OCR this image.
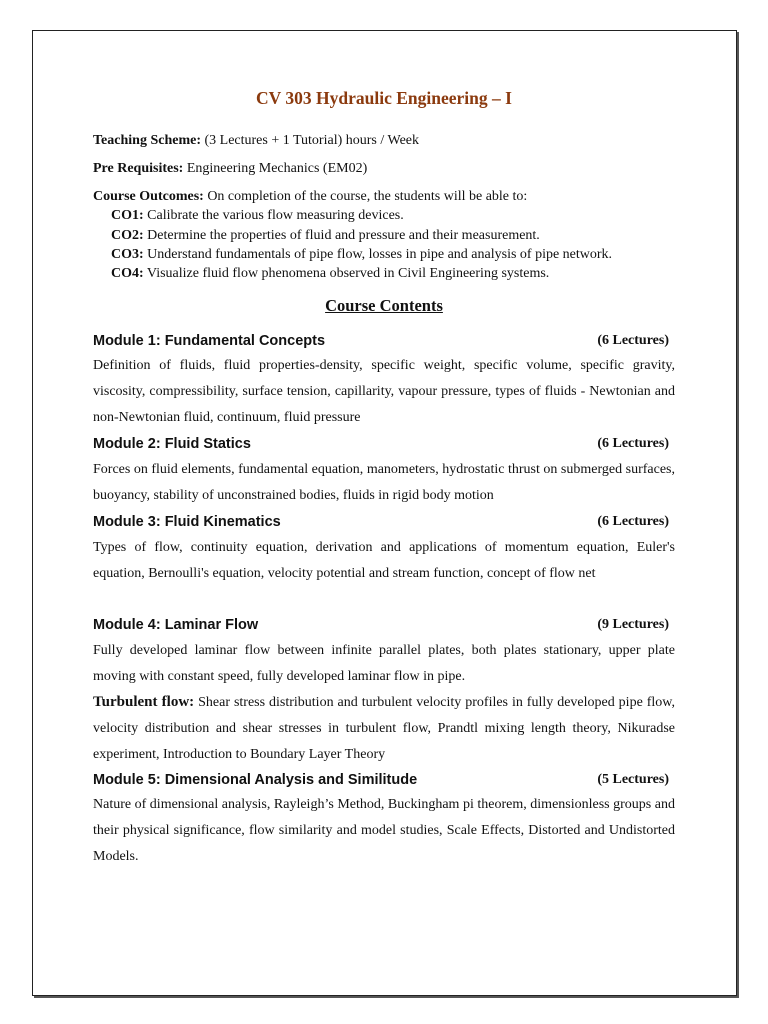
CV 303 Hydraulic Engineering – I
Teaching Scheme: (3 Lectures + 1 Tutorial) hours / Week
Pre Requisites: Engineering Mechanics (EM02)
Course Outcomes: On completion of the course, the students will be able to:
CO1: Calibrate the various flow measuring devices.
CO2: Determine the properties of fluid and pressure and their measurement.
CO3: Understand fundamentals of pipe flow, losses in pipe and analysis of pipe network.
CO4: Visualize fluid flow phenomena observed in Civil Engineering systems.
Course Contents
Module 1: Fundamental Concepts	(6 Lectures)
Definition of fluids, fluid properties-density, specific weight, specific volume, specific gravity, viscosity, compressibility, surface tension, capillarity, vapour pressure, types of fluids - Newtonian and non-Newtonian fluid, continuum, fluid pressure
Module 2: Fluid Statics	(6 Lectures)
Forces on fluid elements, fundamental equation, manometers, hydrostatic thrust on submerged surfaces, buoyancy, stability of unconstrained bodies, fluids in rigid body motion
Module 3: Fluid Kinematics	(6 Lectures)
Types of flow, continuity equation, derivation and applications of momentum equation, Euler's equation, Bernoulli's equation, velocity potential and stream function, concept of flow net
Module 4: Laminar Flow	(9 Lectures)
Fully developed laminar flow between infinite parallel plates, both plates stationary, upper plate moving with constant speed, fully developed laminar flow in pipe.
Turbulent flow: Shear stress distribution and turbulent velocity profiles in fully developed pipe flow, velocity distribution and shear stresses in turbulent flow, Prandtl mixing length theory, Nikuradse experiment, Introduction to Boundary Layer Theory
Module 5: Dimensional Analysis and Similitude	(5 Lectures)
Nature of dimensional analysis, Rayleigh’s Method, Buckingham pi theorem, dimensionless groups and their physical significance, flow similarity and model studies, Scale Effects, Distorted and Undistorted Models.
